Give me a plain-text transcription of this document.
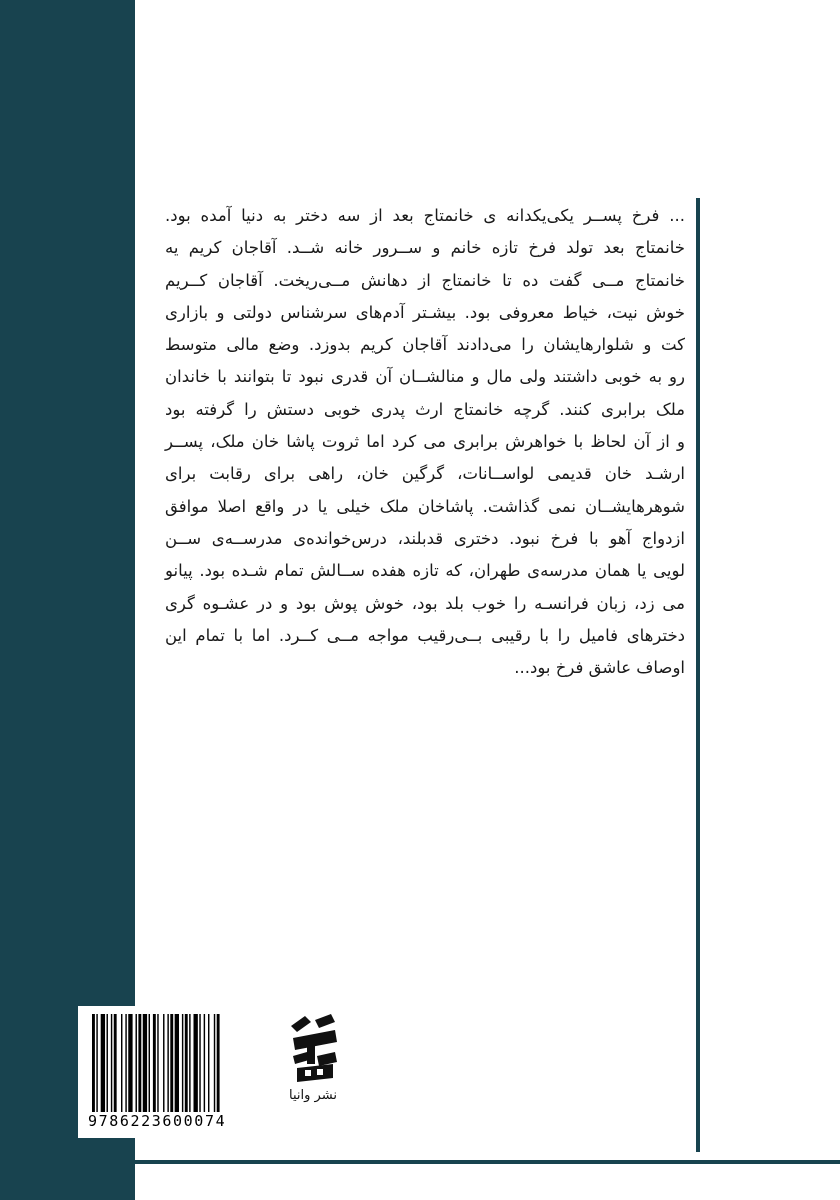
... فرخ پســر یکی‌یکدانه ی خانمتاج بعد از سه دختر به دنیا آمده بود.
خانمتاج بعد تولد فرخ تازه خانم و ســرور خانه شــد. آقاجان کریم یه
خانمتاج مــی گفت ده تا خانمتاج از دهانش مــی‌ریخت. آقاجان کــریم
خوش نیت، خیاط معروفی بود. بیشـتر آدم‌های سرشناس دولتی و بازاری
کت و شلوارهایشان را می‌دادند آقاجان کریم بدوزد. وضع مالی متوسط
رو به خوبی داشتند ولی مال و منالشــان آن قدری نبود تا بتوانند با خاندان
ملک برابری کنند. گرچه خانمتاج ارث پدری خوبی دستش را گرفته بود
و از آن لحاظ با خواهرش برابری می کرد اما ثروت پاشا خان ملک، پســر
ارشـد خان قدیمی لواســانات، گرگین خان، راهی برای رقابت برای
شوهرهایشــان نمی گذاشت. پاشاخان ملک خیلی یا در واقع اصلا موافق
ازدواج آهو با فرخ نبود. دختری قدبلند، درس‌خوانده‌ی مدرســه‌ی ســن
لویی یا همان مدرسه‌ی طهران، که تازه هفده ســالش تمام شـده بود. پیانو
می زد، زبان فرانسـه را خوب بلد بود، خوش پوش بود و در عشـوه گری
دخترهای فامیل را با رقیبی بــی‌رقیب مواجه مــی کــرد. اما با تمام این
اوصاف عاشق فرخ بود...
9786223600074
نشر وانیا
